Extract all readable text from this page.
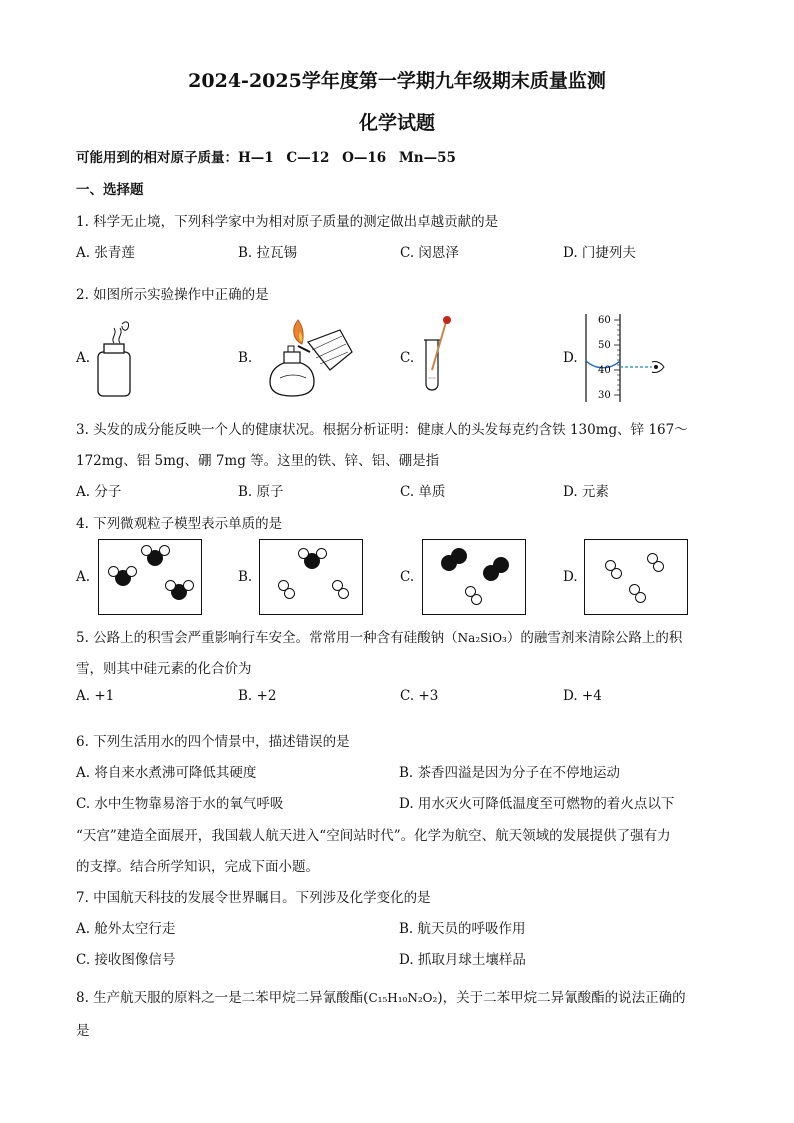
2024-2025学年度第一学期九年级期末质量监测
化学试题
可能用到的相对原子质量：H—1 C—12 O—16 Mn—55
一、选择题
1. 科学无止境，下列科学家中为相对原子质量的测定做出卓越贡献的是
A. 张青莲	B. 拉瓦锡	C. 闵恩泽	D. 门捷列夫
2. 如图所示实验操作中正确的是
A.	B.	C.	D.
60
50
40
30
3. 头发的成分能反映一个人的健康状况。根据分析证明：健康人的头发每克约含铁 130mg、锌 167～
172mg、铝 5mg、硼 7mg 等。这里的铁、锌、铝、硼是指
A. 分子	B. 原子	C. 单质	D. 元素
4. 下列微观粒子模型表示单质的是
A.	B.	C.	D.
5. 公路上的积雪会严重影响行车安全。常常用一种含有硅酸钠（Na₂SiO₃）的融雪剂来清除公路上的积
雪，则其中硅元素的化合价为
A. +1	B. +2	C. +3	D. +4
6. 下列生活用水的四个情景中，描述错误的是
A. 将自来水煮沸可降低其硬度	B. 茶香四溢是因为分子在不停地运动
C. 水中生物靠易溶于水的氧气呼吸	D. 用水灭火可降低温度至可燃物的着火点以下
“天宫”建造全面展开，我国载人航天进入“空间站时代”。化学为航空、航天领域的发展提供了强有力
的支撑。结合所学知识，完成下面小题。
7. 中国航天科技的发展令世界瞩目。下列涉及化学变化的是
A. 舱外太空行走	B. 航天员的呼吸作用
C. 接收图像信号	D. 抓取月球土壤样品
8. 生产航天服的原料之一是二苯甲烷二异氰酸酯(C₁₅H₁₀N₂O₂)，关于二苯甲烷二异氰酸酯的说法正确的
是
